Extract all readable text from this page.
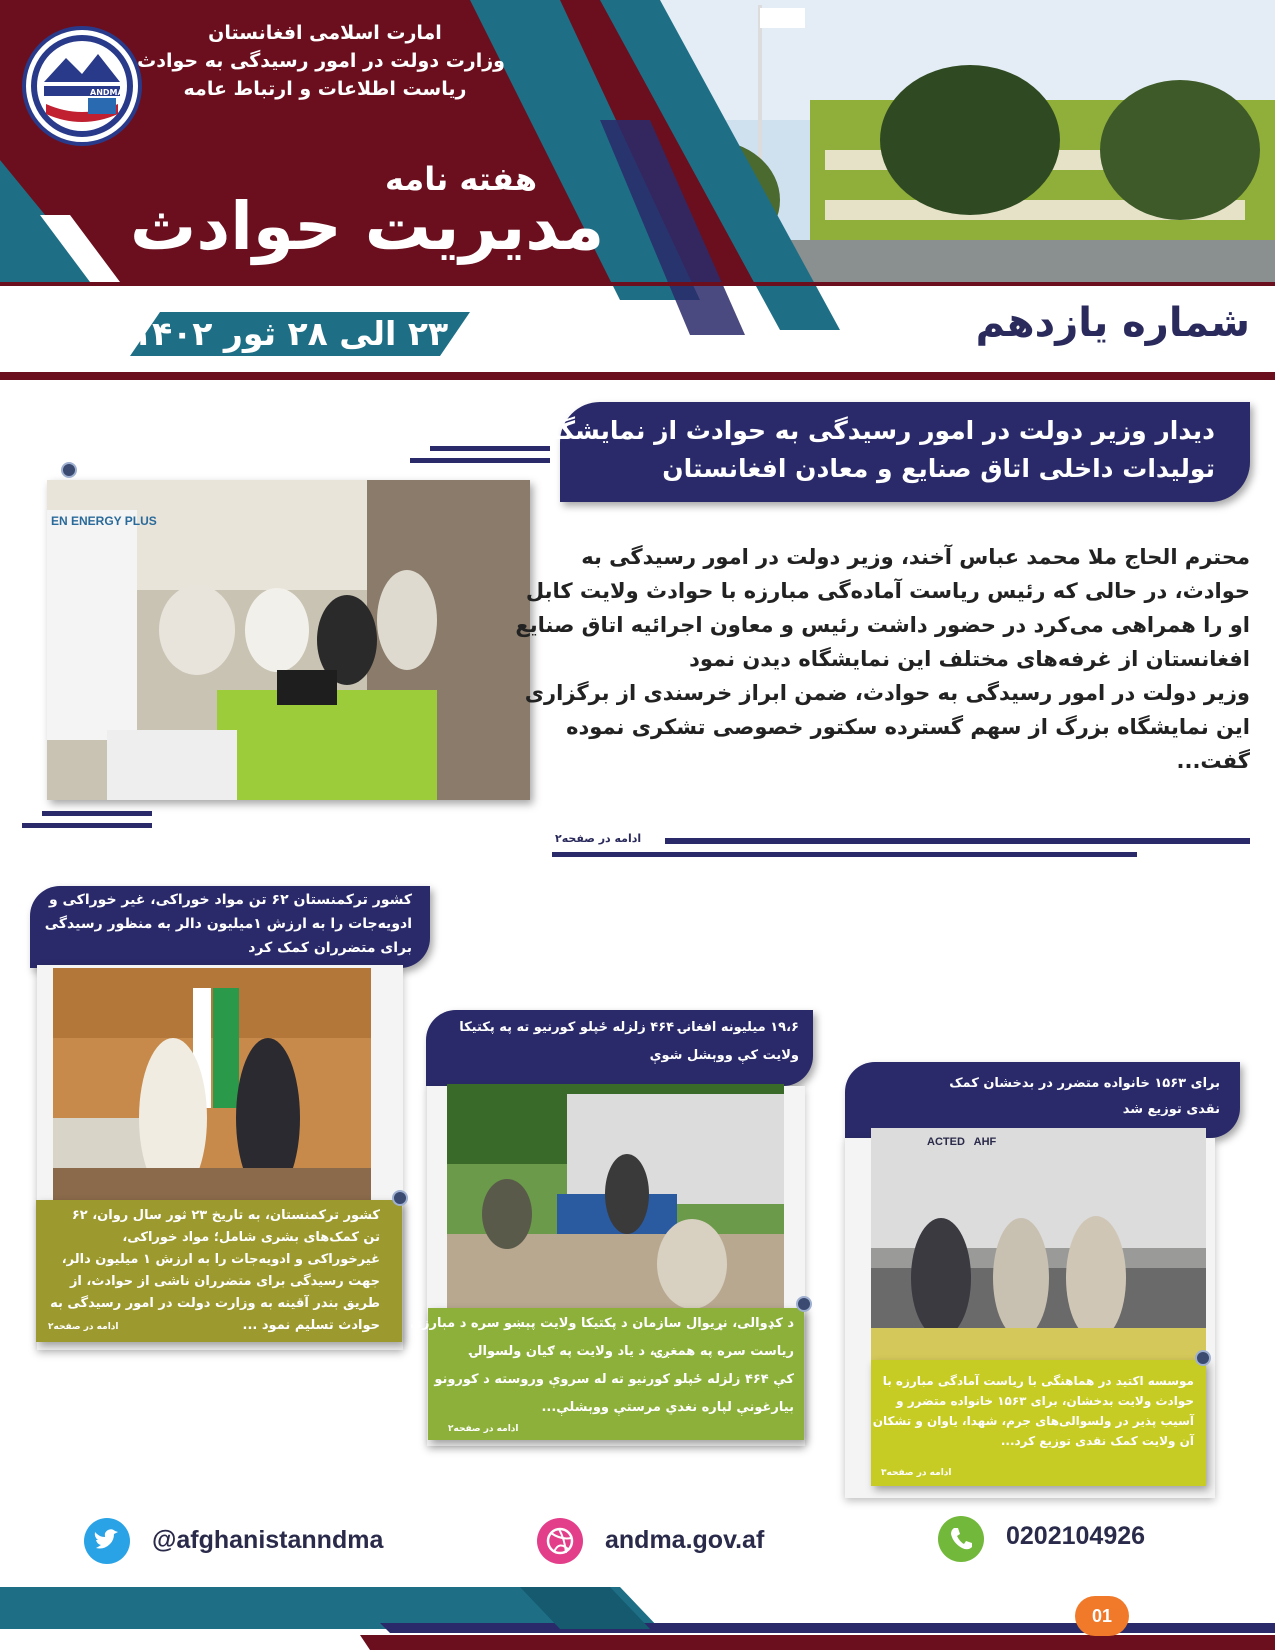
ANDMA
امارت اسلامی افغانستان
وزارت دولت در امور رسیدگی به حوادث
ریاست اطلاعات و ارتباط عامه
هفته نامه
مدیریت حوادث
شماره یازدهم
۲۳ الی ۲۸ ثور ۱۴۰۲
دیدار وزیر دولت در امور رسیدگی به حوادث از نمایشگاه
تولیدات داخلی اتاق صنایع و معادن افغانستان
EN ENERGY PLUS
محترم الحاج ملا محمد عباس آخند، وزیر دولت در امور رسیدگی به
حوادث، در حالی که رئیس ریاست آماده‌گی مبارزه با حوادث ولایت کابل
او را همراهی می‌کرد در حضور داشت رئیس و معاون اجرائیه اتاق صنایع
افغانستان از غرفه‌های مختلف این نمایشگاه دیدن نمود
وزیر دولت در امور رسیدگی به حوادث، ضمن ابراز خرسندی از برگزاری
این نمایشگاه بزرگ از سهم گسترده سکتور خصوصی تشکری نموده
گفت...
ادامه در صفحه۲
کشور ترکمنستان ۶۲ تن مواد خوراکی، غیر خوراکی و
ادویه‌جات را به ارزش ۱میلیون دالر به منظور رسیدگی
برای متضرران کمک کرد
کشور ترکمنستان، به تاریخ ۲۳ ثور سال روان، ۶۲
تن کمک‌های بشری شامل؛ مواد خوراکی،
غیرخوراکی و ادویه‌جات را به ارزش ۱ میلیون دالر،
جهت رسیدگی برای متضرران ناشی از حوادث، از
طریق بندر آقینه به وزارت دولت در امور رسیدگی به
حوادث تسلیم نمود ...
ادامه در صفحه۲
۱۹،۶ میلیونه افغانۍ ۴۶۴ زلزله ځپلو کورنیو ته په پکتیکا
ولایت کې ووېشل شوې
د کډوالی، نړیوال سازمان د پکتیکا ولایت پېښو سره د مبارزې
ریاست سره په همغږۍ، د یاد ولایت په ګیان ولسوالۍ
کې ۴۶۴ زلزله ځپلو کورنیو ته له سروې وروسته د کورونو
بیارغونې لپاره نغدي مرستې ووېشلې...
ادامه در صفحه۲
برای ۱۵۶۳ خانواده متضرر در بدخشان کمک
نقدی توزیع شد
ACTED   AHF
موسسه اکتید در هماهنگی با ریاست آمادگی مبارزه با
حوادث ولایت بدخشان، برای ۱۵۶۳ خانواده متضرر و
آسیب پذیر در ولسوالی‌های جرم، شهدا، یاوان و تشکان
آن ولایت کمک نقدی توزیع کرد...
ادامه در صفحه۳
@afghanistanndma	andma.gov.af	0202104926
01
